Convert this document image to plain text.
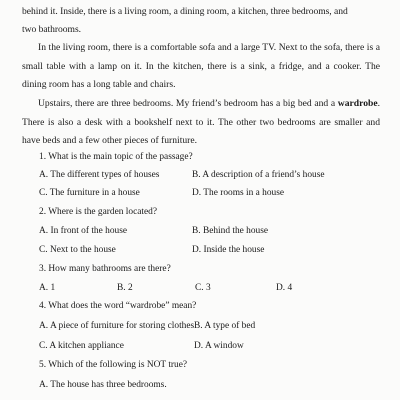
behind it. Inside, there is a living room, a dining room, a kitchen, three bedrooms, and
two bathrooms.

In the living room, there is a comfortable sofa and a large TV. Next to the sofa, there is a small table with a lamp on it. In the kitchen, there is a sink, a fridge, and a cooker. The dining room has a long table and chairs.

Upstairs, there are three bedrooms. My friend’s bedroom has a big bed and a wardrobe. There is also a desk with a bookshelf next to it. The other two bedrooms are smaller and have beds and a few other pieces of furniture.

1. What is the main topic of the passage?
A. The different types of houses	B. A description of a friend’s house
C. The furniture in a house	D. The rooms in a house
2. Where is the garden located?
A. In front of the house	B. Behind the house
C. Next to the house	D. Inside the house
3. How many bathrooms are there?
A. 1	B. 2	C. 3	D. 4
4. What does the word “wardrobe” mean?
A. A piece of furniture for storing clothes B. A type of bed
C. A kitchen appliance	D. A window
5. Which of the following is NOT true?
A. The house has three bedrooms.
